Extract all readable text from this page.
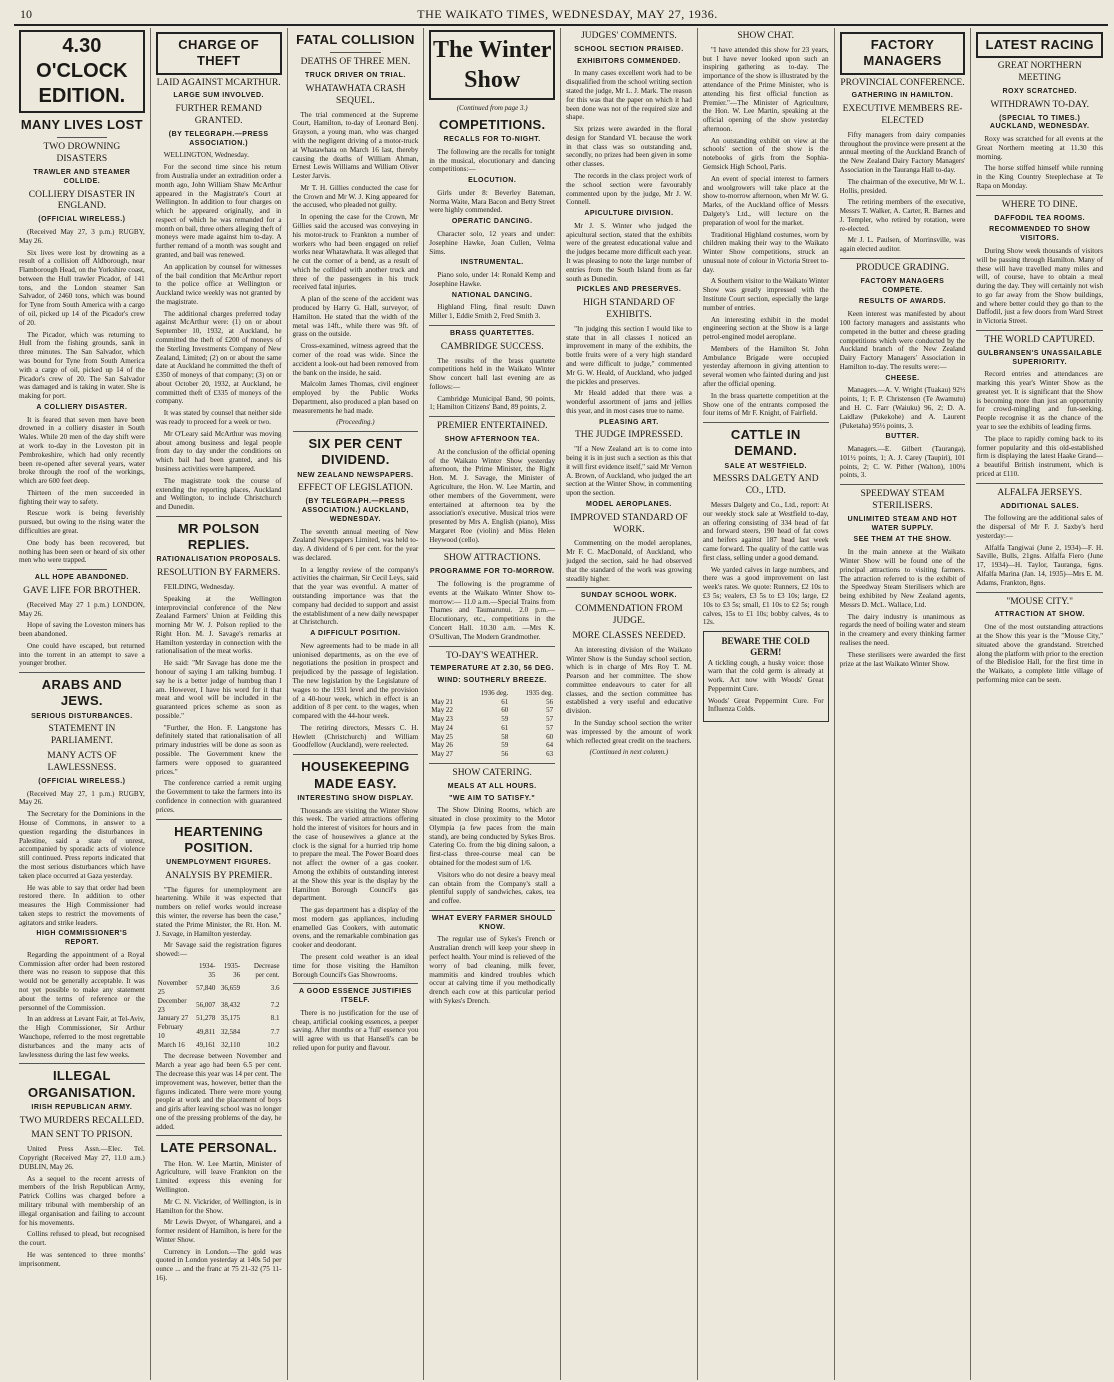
10	THE WAIKATO TIMES, WEDNESDAY, MAY 27, 1936.

4.30 O'CLOCK EDITION.
MANY LIVES LOST
TWO DROWNING DISASTERS
TRAWLER AND STEAMER COLLIDE.
COLLIERY DISASTER IN ENGLAND.
(OFFICIAL WIRELESS.)

(Received May 27, 3 p.m.) RUGBY, May 26.

Six lives were lost by drowning as a result of a collision off Aldborough, near Flamborough Head, on the Yorkshire coast, between the Hull trawler Picador, of 141 tons, and the London steamer San Salvador, of 2460 tons, which was bound for Tyne from South America with a cargo of oil, picked up 14 of the Picador's crew of 20.

The Picador, which was returning to Hull from the fishing grounds, sank in three minutes. The San Salvador, which was bound for Tyne from South America with a cargo of oil, picked up 14 of the Picador's crew of 20. The San Salvador was damaged and is taking in water. She is making for port.

A COLLIERY DISASTER.

It is feared that seven men have been drowned in a colliery disaster in South Wales. While 20 men of the day shift were at work to-day in the Loveston pit in Pembrokeshire, which had only recently been re-opened after several years, water broke through the roof of the workings, which are 600 feet deep.

Thirteen of the men succeeded in fighting their way to safety.

Rescue work is being feverishly pursued, but owing to the rising water the difficulties are great.

One body has been recovered, but nothing has been seen or heard of six other men who were trapped.

ALL HOPE ABANDONED.
GAVE LIFE FOR BROTHER.

(Received May 27 1 p.m.) LONDON, May 26.

Hope of saving the Loveston miners has been abandoned.

One could have escaped, but returned into the torrent in an attempt to save a younger brother.

ARABS AND JEWS.
SERIOUS DISTURBANCES.
STATEMENT IN PARLIAMENT.
MANY ACTS OF LAWLESSNESS.
(OFFICIAL WIRELESS.)

(Received May 27, 1 p.m.) RUGBY, May 26.

The Secretary for the Dominions in the House of Commons, in answer to a question regarding the disturbances in Palestine, said a state of unrest, accompanied by sporadic acts of violence still continued. Press reports indicated that the most serious disturbances which have taken place occurred at Gaza yesterday.

He was able to say that order had been restored there. In addition to other measures the High Commissioner had taken steps to restrict the movements of agitators and strike leaders.

HIGH COMMISSIONER'S REPORT.

Regarding the appointment of a Royal Commission after order had been restored there was no reason to suppose that this would not be generally acceptable. It was not yet possible to make any statement about the terms of reference or the personnel of the Commission.

In an address at Levant Fair, at Tel-Aviv, the High Commissioner, Sir Arthur Wauchope, referred to the most regrettable disturbances and the many acts of lawlessness during the last few weeks.

ILLEGAL ORGANISATION.
IRISH REPUBLICAN ARMY.
TWO MURDERS RECALLED.
MAN SENT TO PRISON.

United Press Assn.—Elec. Tel. Copyright (Received May 27, 11.0 a.m.) DUBLIN, May 26.

As a sequel to the recent arrests of members of the Irish Republican Army, Patrick Collins was charged before a military tribunal with membership of an illegal organisation and failing to account for his movements.

Collins refused to plead, but recognised the court.

He was sentenced to three months' imprisonment.

CHARGE OF THEFT
LAID AGAINST MCARTHUR.
LARGE SUM INVOLVED.
FURTHER REMAND GRANTED.
(BY TELEGRAPH.—PRESS ASSOCIATION.)

WELLINGTON, Wednesday.

For the second time since his return from Australia under an extradition order a month ago, John William Shaw McArthur appeared in the Magistrate's Court at Wellington. In addition to four charges on which he appeared originally, and in respect of which he was remanded for a month on bail, three others alleging theft of moneys were made against him to-day. A further remand of a month was sought and granted, and bail was renewed.

An application by counsel for witnesses of the bail condition that McArthur report to the police office at Wellington or Auckland twice weekly was not granted by the magistrate.

The additional charges preferred today against McArthur were: (1) on or about September 10, 1932, at Auckland, he committed the theft of £200 of moneys of the Sterling Investments Company of New Zealand, Limited; (2) on or about the same date at Auckland he committed the theft of £350 of moneys of that company; (3) on or about October 20, 1932, at Auckland, he committed theft of £335 of moneys of the company.

It was stated by counsel that neither side was ready to proceed for a week or two.

Mr O'Leary said McArthur was moving about among business and legal people from day to day under the conditions on which bail had been granted, and his business activities were hampered.

The magistrate took the course of extending the reporting places, Auckland and Wellington, to include Christchurch and Dunedin.

MR POLSON REPLIES.
RATIONALISATION PROPOSALS.
RESOLUTION BY FARMERS.

FEILDING, Wednesday.

Speaking at the Wellington interprovincial conference of the New Zealand Farmers' Union at Feilding this morning Mr W. J. Polson replied to the Right Hon. M. J. Savage's remarks at Hamilton yesterday in connection with the rationalisation of the meat works.

He said: "Mr Savage has done me the honour of saying I am talking humbug. I say he is a better judge of humbug than I am. However, I have his word for it that meat and wool will be included in the guaranteed prices scheme as soon as possible."

"Further, the Hon. F. Langstone has definitely stated that rationalisation of all primary industries will be done as soon as possible. The Government knew the farmers were opposed to guaranteed prices."

The conference carried a remit urging the Government to take the farmers into its confidence in connection with guaranteed prices.

HEARTENING POSITION.
UNEMPLOYMENT FIGURES.
ANALYSIS BY PREMIER.

"The figures for unemployment are heartening. While it was expected that numbers on relief works would increase this winter, the reverse has been the case," stated the Prime Minister, the Rt. Hon. M. J. Savage, in Hamilton yesterday.

Mr Savage said the registration figures showed:—

	1934-35	1935-36	Decrease per cent.
November 25	57,840	36,659	3.6
December 23	56,007	38,432	7.2
January 27	51,278	35,175	8.1
February 10	49,811	32,584	7.7
March 16	49,161	32,110	10.2

The decrease between November and March a year ago had been 6.5 per cent. The decrease this year was 14 per cent. The improvement was, however, better than the figures indicated. There were more young people at work and the placement of boys and girls after leaving school was no longer one of the pressing problems of the day, he added.

LATE PERSONAL.

The Hon. W. Lee Martin, Minister of Agriculture, will leave Frankton on the Limited express this evening for Wellington.

Mr C. N. Vickrider, of Wellington, is in Hamilton for the Show.

Mr Lewis Dwyer, of Whangarei, and a former resident of Hamilton, is here for the Winter Show.

Currency in London.—The gold was quoted in London yesterday at 140s 5d per ounce ... and the franc at 75 21-32 (75 11-16).

FATAL COLLISION
DEATHS OF THREE MEN.
TRUCK DRIVER ON TRIAL.
WHATAWHATA CRASH SEQUEL.

The trial commenced at the Supreme Court, Hamilton, to-day of Leonard Benj. Grayson, a young man, who was charged with the negligent driving of a motor-truck at Whatawhata on March 16 last, thereby causing the deaths of William Ahman, Ernest Lewis Williams and William Oliver Lester Jarvis.

Mr T. H. Gillies conducted the case for the Crown and Mr W. J. King appeared for the accused, who pleaded not guilty.

In opening the case for the Crown, Mr Gillies said the accused was conveying in his motor-truck to Frankton a number of workers who had been engaged on relief works near Whatawhata. It was alleged that he cut the corner of a bend, as a result of which he collided with another truck and three of the passengers in his truck received fatal injuries.

A plan of the scene of the accident was produced by Harry G. Hall, surveyor, of Hamilton. He stated that the width of the metal was 14ft., while there was 9ft. of grass on the outside.

Cross-examined, witness agreed that the corner of the road was wide. Since the accident a look-out had been removed from the bank on the inside, he said.

Malcolm James Thomas, civil engineer employed by the Public Works Department, also produced a plan based on measurements he had made.

(Proceeding.)
SIX PER CENT DIVIDEND.
NEW ZEALAND NEWSPAPERS.
EFFECT OF LEGISLATION.
(BY TELEGRAPH.—PRESS ASSOCIATION.) AUCKLAND, WEDNESDAY.

The seventh annual meeting of New Zealand Newspapers Limited, was held to-day. A dividend of 6 per cent. for the year was declared.

In a lengthy review of the company's activities the chairman, Sir Cecil Leys, said that the year was eventful. A matter of outstanding importance was that the company had decided to support and assist the establishment of a new daily newspaper at Christchurch.

A DIFFICULT POSITION.

New agreements had to be made in all unionised departments, as on the eve of negotiations the position in prospect and prejudiced by the passage of legislation. The new legislation by the Legislature of wages to the 1931 level and the provision of a 40-hour week, which in effect is an addition of 8 per cent. to the wages, when compared with the 44-hour week.

The retiring directors, Messrs C. H. Hewlett (Christchurch) and William Goodfellow (Auckland), were reelected.

HOUSEKEEPING MADE EASY.
INTERESTING SHOW DISPLAY.

Thousands are visiting the Winter Show this week. The varied attractions offering hold the interest of visitors for hours and in the case of housewives a glance at the clock is the signal for a hurried trip home to prepare the meal. The Power Board does not affect the owner of a gas cooker. Among the exhibits of outstanding interest at the Show this year is the display by the Hamilton Borough Council's gas department.

The gas department has a display of the most modern gas appliances, including enamelled Gas Cookers, with automatic ovens, and the remarkable combination gas cooker and deodorant.

The present cold weather is an ideal time for those visiting the Hamilton Borough Council's Gas Showrooms.

A GOOD ESSENCE JUSTIFIES ITSELF.

There is no justification for the use of cheap, artificial cooking essences, a peeper saving. After months or a 'full' essence you will agree with us that Hansell's can be relied upon for purity and flavour.

The Winter Show
(Continued from page 3.)
COMPETITIONS.
RECALLS FOR TO-NIGHT.

The following are the recalls for tonight in the musical, elocutionary and dancing competitions:—

ELOCUTION.

Girls under 8: Beverley Bateman, Norma Waite, Mara Bacon and Betty Street were highly commended.

OPERATIC DANCING.

Character solo, 12 years and under: Josephine Hawke, Joan Cullen, Velma Sims.

INSTRUMENTAL.

Piano solo, under 14: Ronald Kemp and Josephine Hawke.

NATIONAL DANCING.

Highland Fling, final result: Dawn Miller 1, Eddie Smith 2, Fred Smith 3.

BRASS QUARTETTES.
CAMBRIDGE SUCCESS.

The results of the brass quartette competitions held in the Waikato Winter Show concert hall last evening are as follows:—

Cambridge Municipal Band, 90 points, 1; Hamilton Citizens' Band, 89 points, 2.

PREMIER ENTERTAINED.
SHOW AFTERNOON TEA.

At the conclusion of the official opening of the Waikato Winter Show yesterday afternoon, the Prime Minister, the Right Hon. M. J. Savage, the Minister of Agriculture, the Hon. W. Lee Martin, and other members of the Government, were entertained at afternoon tea by the association's executive. Musical trios were presented by Mrs A. English (piano), Miss Margaret Roe (violin) and Miss Helen Heywood (cello).

SHOW ATTRACTIONS.
PROGRAMME FOR TO-MORROW.

The following is the programme of events at the Waikato Winter Show to-morrow:— 11.0 a.m.—Special Trains from Thames and Taumarunui. 2.0 p.m.—Elocutionary, etc., competitions in the Concert Hall. 10.30 a.m. —Mrs K. O'Sullivan, The Modern Grandmother.

TO-DAY'S WEATHER.
TEMPERATURE AT 2.30, 56 DEG.
WIND: SOUTHERLY BREEZE.
	1936 deg.	1935 deg.
May 21	61	56
May 22	60	57
May 23	59	57
May 24	61	57
May 25	58	60
May 26	59	64
May 27	56	63
SHOW CATERING.
MEALS AT ALL HOURS.
"WE AIM TO SATISFY."

The Show Dining Rooms, which are situated in close proximity to the Motor Olympia (a few paces from the main stand), are being conducted by Sykes Bros. Catering Co. from the big dining saloon, a first-class three-course meal can be obtained for the modest sum of 1/6.

Visitors who do not desire a heavy meal can obtain from the Company's stall a plentiful supply of sandwiches, cakes, tea and coffee.

WHAT EVERY FARMER SHOULD KNOW.

The regular use of Sykes's French or Australian drench will keep your sheep in perfect health. Your mind is relieved of the worry of bad cleaning, milk fever, mammitis and kindred troubles which occur at calving time if you methodically drench each cow at this particular period with Sykes's Drench.

JUDGES' COMMENTS.
SCHOOL SECTION PRAISED.
EXHIBITORS COMMENDED.

In many cases excellent work had to be disqualified from the school writing section stated the judge, Mr L. J. Mark. The reason for this was that the paper on which it had been done was not of the required size and shape.

Six prizes were awarded in the floral design for Standard VI. because the work in that class was so outstanding and, secondly, no prizes had been given in some other classes.

The records in the class project work of the school section were favourably commented upon by the judge, Mr J. W. Connell.

APICULTURE DIVISION.

Mr J. S. Winter who judged the apicultural section, stated that the exhibits were of the greatest educational value and the judges became more difficult each year. It was pleasing to note the large number of entries from the South Island from as far south as Dunedin.

PICKLES AND PRESERVES.
HIGH STANDARD OF EXHIBITS.

"In judging this section I would like to state that in all classes I noticed an improvement in many of the exhibits, the bottle fruits were of a very high standard and were difficult to judge," commented Mr G. W. Heald, of Auckland, who judged the pickles and preserves.

Mr Heald added that there was a wonderful assortment of jams and jellies this year, and in most cases true to name.

PLEASING ART.
THE JUDGE IMPRESSED.

"If a New Zealand art is to come into being it is in just such a section as this that it will first evidence itself," said Mr Vernon A. Brown, of Auckland, who judged the art section at the Winter Show, in commenting upon the section.

MODEL AEROPLANES.
IMPROVED STANDARD OF WORK.

Commenting on the model aeroplanes, Mr F. C. MacDonald, of Auckland, who judged the section, said he had observed that the standard of the work was growing steadily higher.

SUNDAY SCHOOL WORK.
COMMENDATION FROM JUDGE.
MORE CLASSES NEEDED.

An interesting division of the Waikato Winter Show is the Sunday school section, which is in charge of Mrs Roy T. M. Pearson and her committee. The show committee endeavours to cater for all classes, and the section committee has established a very useful and educative division.

In the Sunday school section the writer was impressed by the amount of work which reflected great credit on the teachers.

(Continued in next column.)
SHOW CHAT.

"I have attended this show for 23 years, but I have never looked upon such an inspiring gathering as to-day. The importance of the show is illustrated by the attendance of the Prime Minister, who is attending his first official function as Premier."—The Minister of Agriculture, the Hon. W. Lee Martin, speaking at the official opening of the show yesterday afternoon.

An outstanding exhibit on view at the schools' section of the show is the notebooks of girls from the Sophia-Gemsick High School, Paris.

An event of special interest to farmers and woolgrowers will take place at the show to-morrow afternoon, when Mr W. G. Marks, of the Auckland office of Messrs Dalgety's Ltd., will lecture on the preparation of wool for the market.

Traditional Highland costumes, worn by children making their way to the Waikato Winter Show competitions, struck an unusual note of colour in Victoria Street to-day.

A Southern visitor to the Waikato Winter Show was greatly impressed with the Institute Court section, especially the large number of entries.

An interesting exhibit in the model engineering section at the Show is a large petrol-engined model aeroplane.

Members of the Hamilton St. John Ambulance Brigade were occupied yesterday afternoon in giving attention to several women who fainted during and just after the official opening.

In the brass quartette competition at the Show one of the entrants composed the four items of Mr F. Knight, of Fairfield.

CATTLE IN DEMAND.
SALE AT WESTFIELD.
MESSRS DALGETY AND CO., LTD.

Messrs Dalgety and Co., Ltd., report: At our weekly stock sale at Westfield to-day, an offering consisting of 334 head of fat and forward steers, 190 head of fat cows and heifers against 187 head last week came forward. The quality of the cattle was first class, selling under a good demand.

We yarded calves in large numbers, and there was a good improvement on last week's rates. We quote: Runners, £2 10s to £3 5s; vealers, £3 5s to £3 10s; large, £2 10s to £3 5s; small, £1 10s to £2 5s; rough calves, 15s to £1 10s; bobby calves, 4s to 12s.

BEWARE THE COLD GERM!

A tickling cough, a husky voice: those warn that the cold germ is already at work. Act now with Woods' Great Peppermint Cure.

Woods' Great Peppermint Cure. For Influenza Colds.

FACTORY MANAGERS
PROVINCIAL CONFERENCE.
GATHERING IN HAMILTON.
EXECUTIVE MEMBERS RE-ELECTED

Fifty managers from dairy companies throughout the province were present at the annual meeting of the Auckland Branch of the New Zealand Dairy Factory Managers' Association in the Tauranga Hall to-day.

The chairman of the executive, Mr W. L. Hollis, presided.

The retiring members of the executive, Messrs T. Walker, A. Carter, R. Barnes and J. Templer, who retired by rotation, were re-elected.

Mr J. L. Paulsen, of Morrinsville, was again elected auditor.

PRODUCE GRADING.
FACTORY MANAGERS COMPETE.
RESULTS OF AWARDS.

Keen interest was manifested by about 100 factory managers and assistants who competed in the butter and cheese grading competitions which were conducted by the Auckland branch of the New Zealand Dairy Factory Managers' Association in Hamilton to-day. The results were:—

CHEESE.

Managers.—A. V. Wright (Tuakau) 92½ points, 1; F. P. Christensen (Te Awamutu) and H. C. Farr (Waiuku) 96, 2; D. A. Laidlaw (Pukekohe) and A. Laurent (Puketaha) 95½ points, 3.

BUTTER.

Managers.—E. Gilbert (Tauranga), 101½ points, 1; A. J. Carey (Taupiri), 101 points, 2; C. W. Pither (Walton), 100¼ points, 3.

SPEEDWAY STEAM STERILISERS.
UNLIMITED STEAM AND HOT WATER SUPPLY.
SEE THEM AT THE SHOW.

In the main annexe at the Waikato Winter Show will be found one of the principal attractions to visiting farmers. The attraction referred to is the exhibit of the Speedway Steam Sterilisers which are being exhibited by New Zealand agents, Messrs D. McL. Wallace, Ltd.

The dairy industry is unanimous as regards the need of boiling water and steam in the creamery and every thinking farmer realises the need.

These sterilisers were awarded the first prize at the last Waikato Winter Show.

LATEST RACING
GREAT NORTHERN MEETING
ROXY SCRATCHED.
WITHDRAWN TO-DAY.
(SPECIAL TO TIMES.) AUCKLAND, WEDNESDAY.

Roxy was scratched for all events at the Great Northern meeting at 11.30 this morning.

The horse stiffed himself while running in the King Country Steeplechase at Te Rapa on Monday.

WHERE TO DINE.
DAFFODIL TEA ROOMS.
RECOMMENDED TO SHOW VISITORS.

During Show week thousands of visitors will be passing through Hamilton. Many of these will have travelled many miles and will, of course, have to obtain a meal during the day. They will certainly not wish to go far away from the Show buildings, and where better could they go than to the Daffodil, just a few doors from Ward Street in Victoria Street.

THE WORLD CAPTURED.
GULBRANSEN'S UNASSAILABLE SUPERIORITY.

Record entries and attendances are marking this year's Winter Show as the greatest yet. It is significant that the Show is becoming more than just an opportunity for crowd-mingling and fun-seeking. People recognise it as the chance of the year to see the exhibits of leading firms.

The place to rapidly coming back to its former popularity and this old-established firm is displaying the latest Haake Grand—a beautiful British instrument, which is priced at £110.

ALFALFA JERSEYS.
ADDITIONAL SALES.

The following are the additional sales of the dispersal of Mr F. J. Saxby's herd yesterday:—

Alfalfa Tangiwai (June 2, 1934)—F. H. Saville, Bulls, 21gns. Alfalfa Fiero (June 17, 1934)—H. Taylor, Tauranga, 6gns. Alfalfa Marina (Jan. 14, 1935)—Mrs E. M. Adams, Frankton, 8gns.

"MOUSE CITY."
ATTRACTION AT SHOW.

One of the most outstanding attractions at the Show this year is the "Mouse City," situated above the grandstand. Stretched along the platform with prior to the erection of the Bledisloe Hall, for the first time in the Waikato, a complete little village of performing mice can be seen.
